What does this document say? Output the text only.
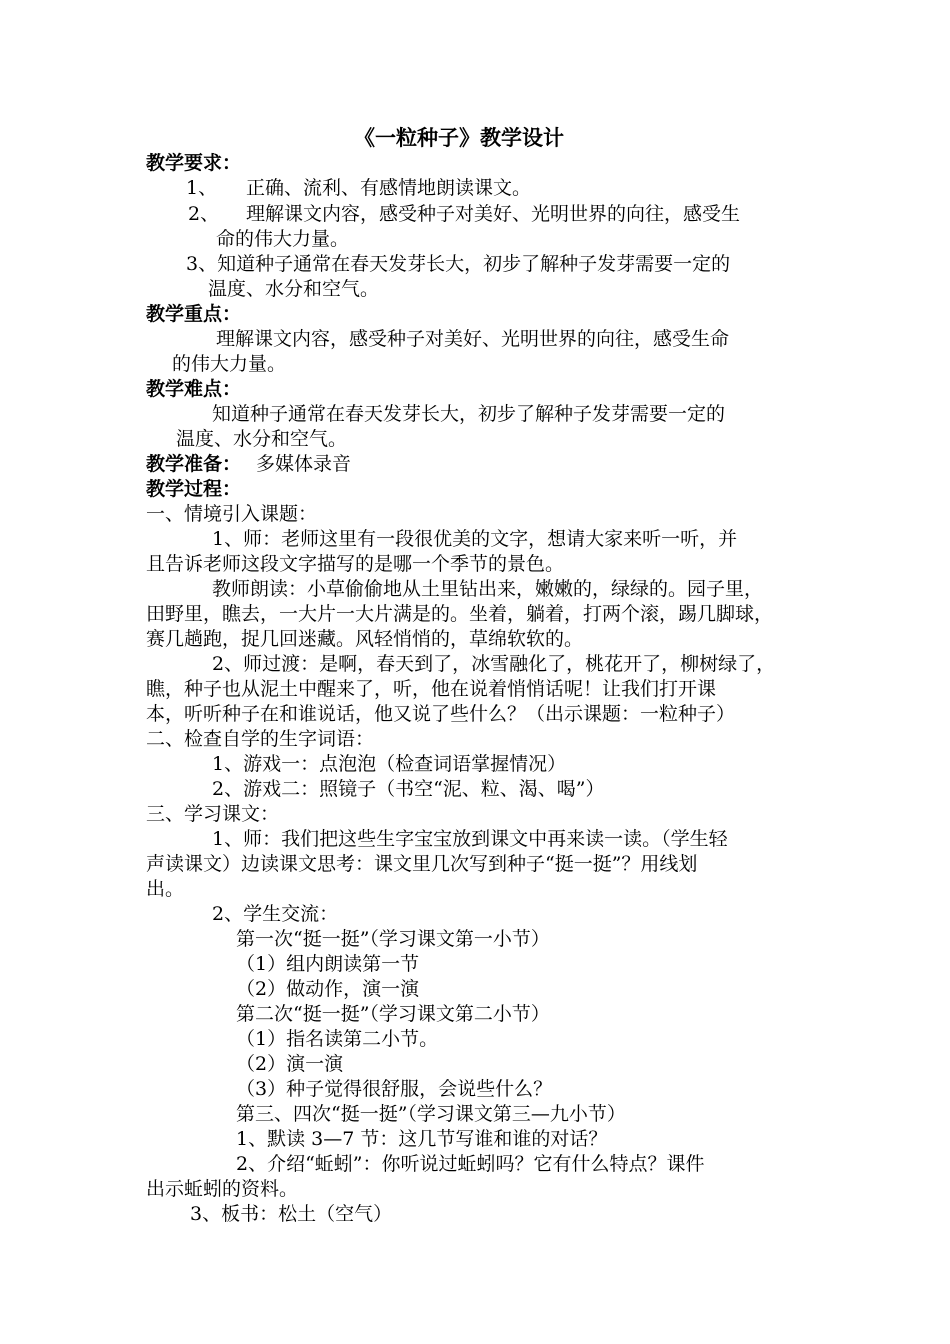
《一粒种子》教学设计
教学要求：
1、 正确、流利、有感情地朗读课文。
2、 理解课文内容，感受种子对美好、光明世界的向往，感受生
命的伟大力量。
3、知道种子通常在春天发芽长大，初步了解种子发芽需要一定的
温度、水分和空气。
教学重点：
理解课文内容，感受种子对美好、光明世界的向往，感受生命
的伟大力量。
教学难点：
知道种子通常在春天发芽长大，初步了解种子发芽需要一定的
温度、水分和空气。
教学准备： 多媒体录音
教学过程：
一、情境引入课题：
1、师：老师这里有一段很优美的文字，想请大家来听一听，并
且告诉老师这段文字描写的是哪一个季节的景色。
教师朗读：小草偷偷地从土里钻出来，嫩嫩的，绿绿的。园子里，
田野里，瞧去，一大片一大片满是的。坐着，躺着，打两个滚，踢几脚球，
赛几趟跑，捉几回迷藏。风轻悄悄的，草绵软软的。
2、师过渡：是啊，春天到了，冰雪融化了，桃花开了，柳树绿了，
瞧，种子也从泥土中醒来了，听，他在说着悄悄话呢！让我们打开课
本，听听种子在和谁说话，他又说了些什么？（出示课题：一粒种子）
二、检查自学的生字词语：
1、游戏一：点泡泡（检查词语掌握情况）
2、游戏二：照镜子（书空“泥、粒、渴、喝”）
三、学习课文：
1、师：我们把这些生字宝宝放到课文中再来读一读。（学生轻
声读课文）边读课文思考：课文里几次写到种子“挺一挺”？用线划
出。
2、学生交流：
第一次“挺一挺”（学习课文第一小节）
（1）组内朗读第一节
（2）做动作，演一演
第二次“挺一挺”（学习课文第二小节）
（1）指名读第二小节。
（2）演一演
（3）种子觉得很舒服，会说些什么？
第三、四次“挺一挺”（学习课文第三—九小节）
1、默读 3—7 节：这几节写谁和谁的对话？
2、介绍“蚯蚓”：你听说过蚯蚓吗？它有什么特点？课件
出示蚯蚓的资料。
3、板书：松土（空气）
